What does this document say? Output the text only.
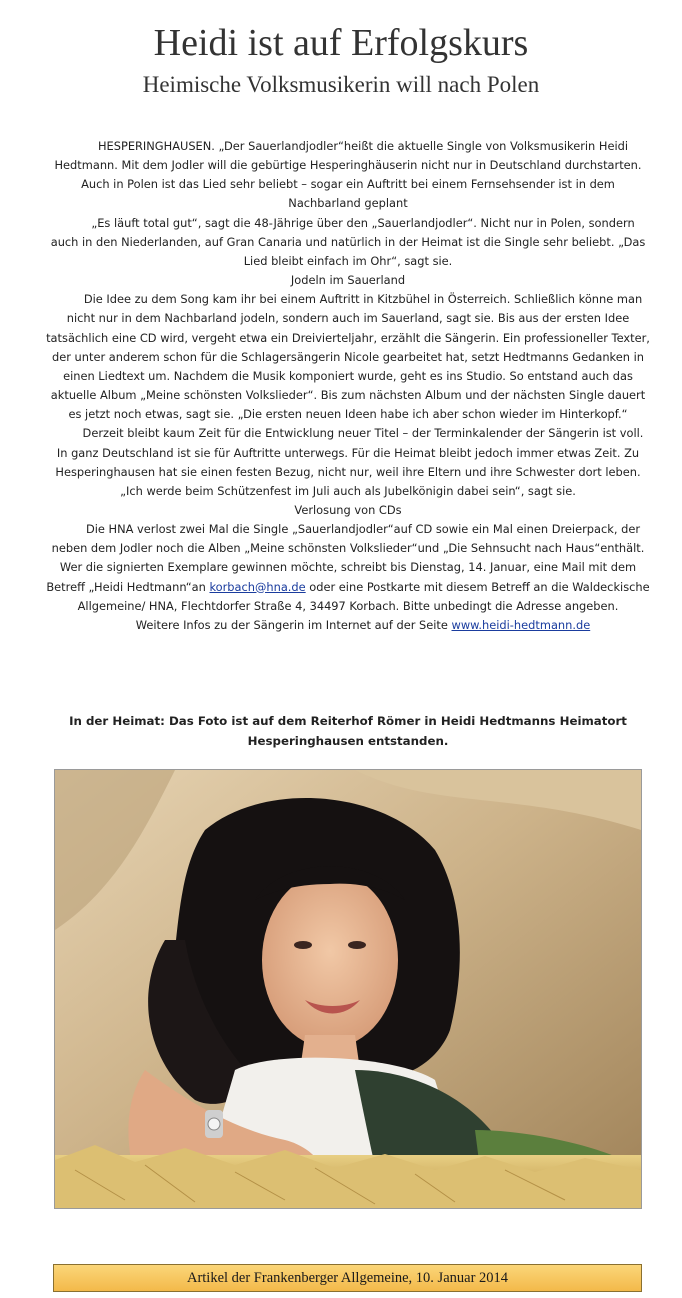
Heidi ist auf Erfolgskurs
Heimische Volksmusikerin will nach Polen

HESPERINGHAUSEN. „Der Sauerlandjodler“heißt die aktuelle Single von Volksmusikerin Heidi Hedtmann. Mit dem Jodler will die gebürtige Hesperinghäuserin nicht nur in Deutschland durchstarten. Auch in Polen ist das Lied sehr beliebt – sogar ein Auftritt bei einem Fernsehsender ist in dem Nachbarland geplant

„Es läuft total gut“, sagt die 48-Jährige über den „Sauerlandjodler“. Nicht nur in Polen, sondern auch in den Niederlanden, auf Gran Canaria und natürlich in der Heimat ist die Single sehr beliebt. „Das Lied bleibt einfach im Ohr“, sagt sie.

Jodeln im Sauerland

Die Idee zu dem Song kam ihr bei einem Auftritt in Kitzbühel in Österreich. Schließlich könne man nicht nur in dem Nachbarland jodeln, sondern auch im Sauerland, sagt sie. Bis aus der ersten Idee tatsächlich eine CD wird, vergeht etwa ein Dreivierteljahr, erzählt die Sängerin. Ein professioneller Texter, der unter anderem schon für die Schlagersängerin Nicole gearbeitet hat, setzt Hedtmanns Gedanken in einen Liedtext um. Nachdem die Musik komponiert wurde, geht es ins Studio. So entstand auch das aktuelle Album „Meine schönsten Volkslieder“. Bis zum nächsten Album und der nächsten Single dauert es jetzt noch etwas, sagt sie. „Die ersten neuen Ideen habe ich aber schon wieder im Hinterkopf.“

Derzeit bleibt kaum Zeit für die Entwicklung neuer Titel – der Terminkalender der Sängerin ist voll. In ganz Deutschland ist sie für Auftritte unterwegs. Für die Heimat bleibt jedoch immer etwas Zeit. Zu Hesperinghausen hat sie einen festen Bezug, nicht nur, weil ihre Eltern und ihre Schwester dort leben. „Ich werde beim Schützenfest im Juli auch als Jubelkönigin dabei sein“, sagt sie.

Verlosung von CDs

Die HNA verlost zwei Mal die Single „Sauerlandjodler“auf CD sowie ein Mal einen Dreierpack, der neben dem Jodler noch die Alben „Meine schönsten Volkslieder“und „Die Sehnsucht nach Haus“enthält. Wer die signierten Exemplare gewinnen möchte, schreibt bis Dienstag, 14. Januar, eine Mail mit dem Betreff „Heidi Hedtmann“an korbach@hna.de oder eine Postkarte mit diesem Betreff an die Waldeckische Allgemeine/ HNA, Flechtdorfer Straße 4, 34497 Korbach. Bitte unbedingt die Adresse angeben.

Weitere Infos zu der Sängerin im Internet auf der Seite www.heidi-hedtmann.de

In der Heimat: Das Foto ist auf dem Reiterhof Römer in Heidi Hedtmanns Heimatort Hesperinghausen entstanden.

Artikel der Frankenberger Allgemeine, 10. Januar 2014
